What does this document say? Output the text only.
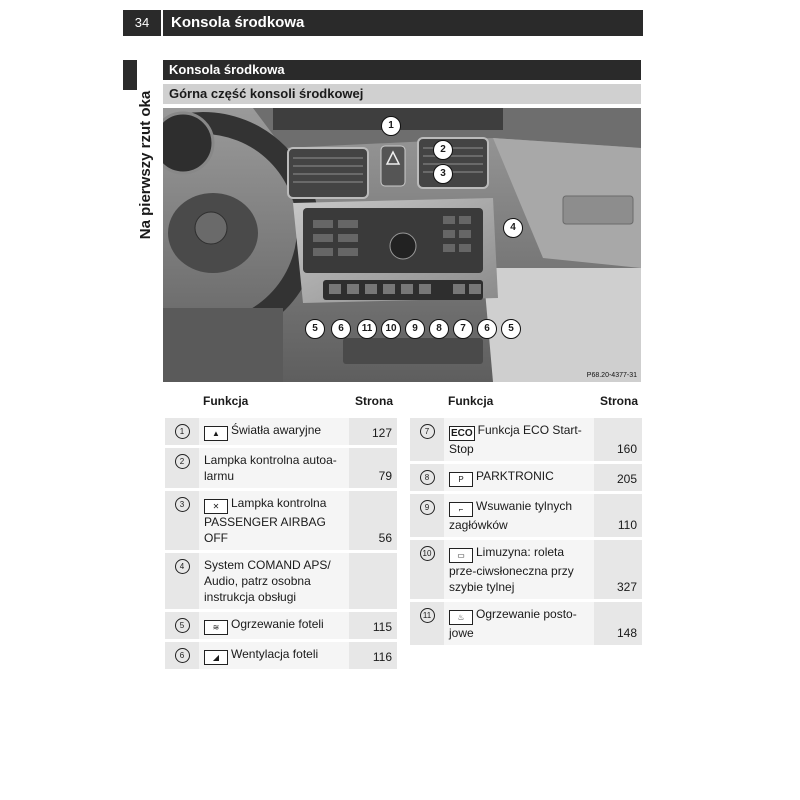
34	Konsola środkowa
Na pierwszy rzut oka
Konsola środkowa
Górna część konsoli środkowej
P68.20-4377-31
1
2
3
4
5	6	11	10	9	8	7	6	5
	Funkcja	Strona
1	▲ Światła awaryjne	127
2	Lampka kontrolna autoa-larmu	79
3	✕ Lampka kontrolna PASSENGER AIRBAG OFF	56
4	System COMAND APS/ Audio, patrz osobna instrukcja obsługi	
5	≋ Ogrzewanie foteli	115
6	◢ Wentylacja foteli	116
	Funkcja	Strona
7	ECO Funkcja ECO Start-Stop	160
8	P PARKTRONIC	205
9	⌐ Wsuwanie tylnych zagłówków	110
10	▭ Limuzyna: roleta prze-ciwsłoneczna przy szybie tylnej	327
11	♨ Ogrzewanie posto-jowe	148
